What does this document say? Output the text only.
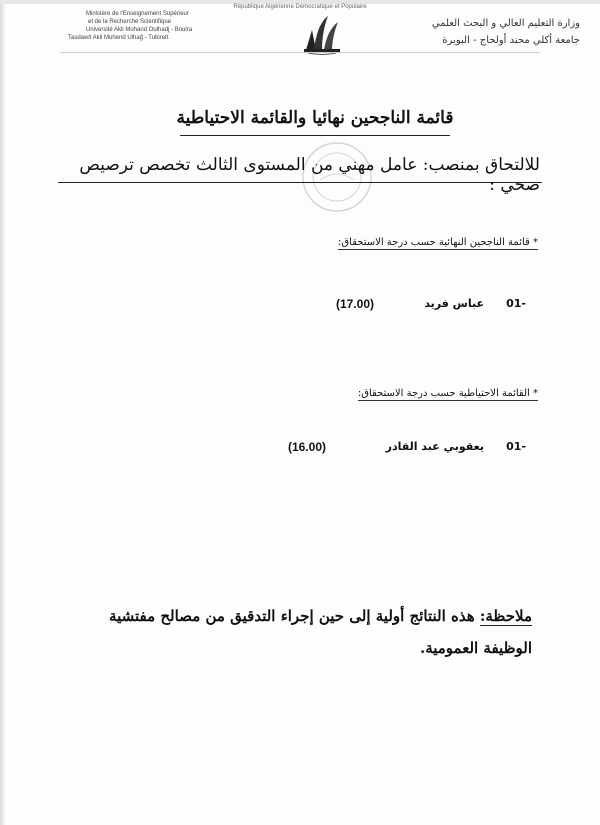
République Algérienne Démocratique et Populaire
Ministère de l'Enseignement Supérieur
et de la Recherche Scientifique
Université Akli Mohand Oulhadj - Bouira
Tasdawit Akli Muhend Ulhağ - Tubirett
وزارة التعليم العالي و البحث العلمي
جامعة أكلي محند أولحاج - البويرة
قائمة الناجحين نهائيا والقائمة الاحتياطية
للالتحاق بمنصب: عامل مهني من المستوى الثالث تخصص ترصيص صحي :
* قائمة الناجحين النهائية حسب درجة الاستحقاق:
01-
عباس فريد
(17.00)
* القائمة الاحتياطية حسب درجة الاستحقاق:
01-
يعقوبي عبد القادر
(16.00)
ملاحظة: هذه النتائج أولية إلى حين إجراء التدقيق من مصالح مفتشية الوظيفة العمومية.
